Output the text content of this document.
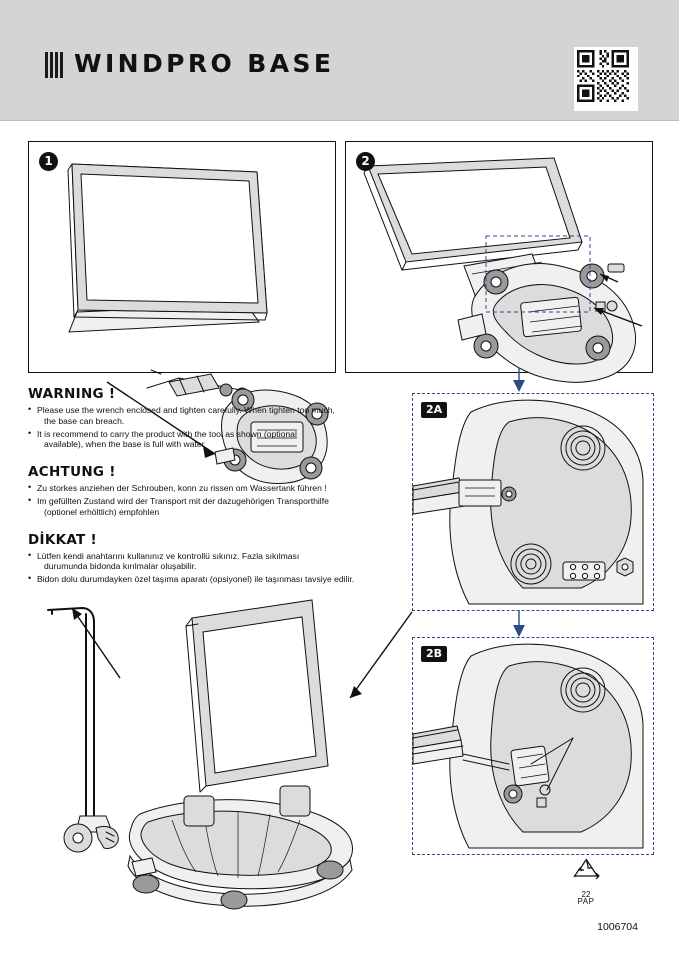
WINDPRO BASE
1	2
2A
2B
WARNING !
• Please use the wrench enclosed and tighten carefully. When tighten too much,
the base can breach.
• It is recommend to carry the product with the tool as shown (optional
available), when the base is full with water
ACHTUNG !
• Zu storkes anziehen der Schrouben, konn zu rissen om Wassertank führen !
• Im gefüllten Zustand wird der Transport mit der dazugehörigen Transporthilfe
(optionel erhöltlich) empfohlen
DİKKAT !
• Lütfen kendi anahtarını kullanınız ve kontrollü sıkınız. Fazla sıkılması
durumunda bidonda kırılmalar oluşabilir.
• Bidon dolu durumdayken özel taşıma aparatı (opsiyonel) ile taşınması tavsiye edilir.
22
PAP
1006704
